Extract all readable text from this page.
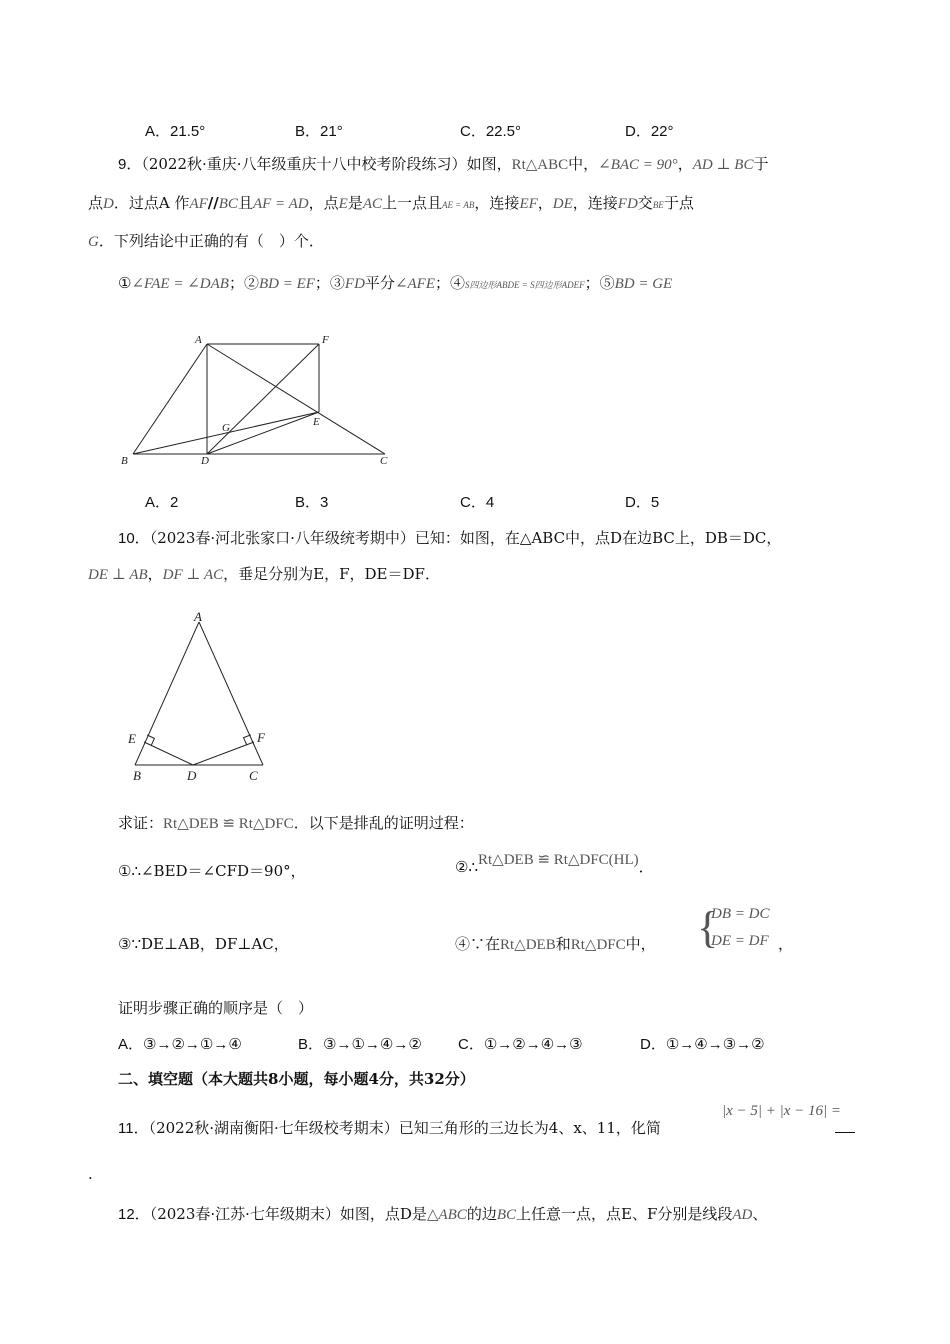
A．21.5°	B．21°	C．22.5°	D．22°
9．（2022秋·重庆·八年级重庆十八中校考阶段练习）如图，Rt△ABC中，∠BAC = 90°，AD ⊥ BC于
点D．过点A 作AF//BC且AF = AD，点E是AC上一点且AE = AB，连接EF，DE，连接FD交BE于点
G．下列结论中正确的有（　）个．
①∠FAE = ∠DAB；②BD = EF；③FD平分∠AFE；④S四边形ABDE = S四边形ADEF；⑤BD = GE
A	F
G	E
B	D	C
A．2	B．3	C．4	D．5
10．（2023春·河北张家口·八年级统考期中）已知：如图，在△ABC中，点D在边BC上，DB＝DC，
DE ⊥ AB，DF ⊥ AC，垂足分别为E，F，DE＝DF．
A
E	F
B	D	C
求证：Rt△DEB ≌ Rt△DFC．以下是排乱的证明过程：
①∴∠BED＝∠CFD＝90°，	②∴Rt△DEB ≌ Rt△DFC(HL)．
③∵DE⊥AB，DF⊥AC，	④∵在Rt△DEB和Rt△DFC中， {
DB = DC
DE = DF ，
证明步骤正确的顺序是（　）
A．③→②→①→④	B．③→①→④→② C．①→②→④→③	D．①→④→③→②
二、填空题（本大题共8小题，每小题4分，共32分）
11．（2022秋·湖南衡阳·七年级校考期末）已知三角形的三边长为4、x、11，化简
|x − 5| + |x − 16| =
.
12．（2023春·江苏·七年级期末）如图，点D是△ABC的边BC上任意一点，点E、F分别是线段AD、
